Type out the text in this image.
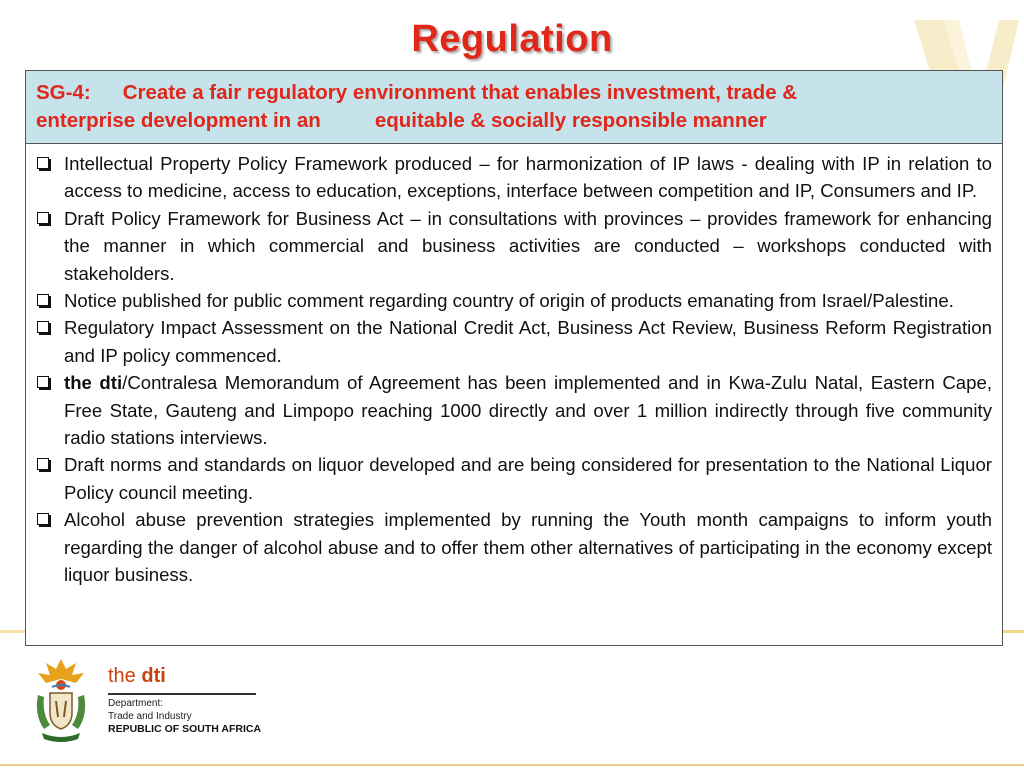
Regulation
SG-4: Create a fair regulatory environment that enables investment, trade &
enterprise development in an	equitable & socially responsible manner
Intellectual Property Policy Framework produced – for harmonization of IP laws - dealing with IP in relation to access to medicine, access to education, exceptions, interface between competition and IP, Consumers and IP.
Draft Policy Framework for Business Act – in consultations with provinces – provides framework for enhancing the manner in which commercial and business activities are conducted – workshops conducted with stakeholders.
Notice published for public comment regarding country of origin of products emanating from Israel/Palestine.
Regulatory Impact Assessment on the National Credit Act, Business Act Review, Business Reform Registration and IP policy commenced.
the dti/Contralesa Memorandum of Agreement has been implemented and in Kwa-Zulu Natal, Eastern Cape, Free State, Gauteng and Limpopo reaching 1000 directly and over 1 million indirectly through five community radio stations interviews.
Draft norms and standards on liquor developed and are being considered for presentation to the National Liquor Policy council meeting.
Alcohol abuse prevention strategies implemented by running the Youth month campaigns to inform youth regarding the danger of alcohol abuse and to offer them other alternatives of participating in the economy except liquor business.
the dti
Department:
Trade and Industry
REPUBLIC OF SOUTH AFRICA
